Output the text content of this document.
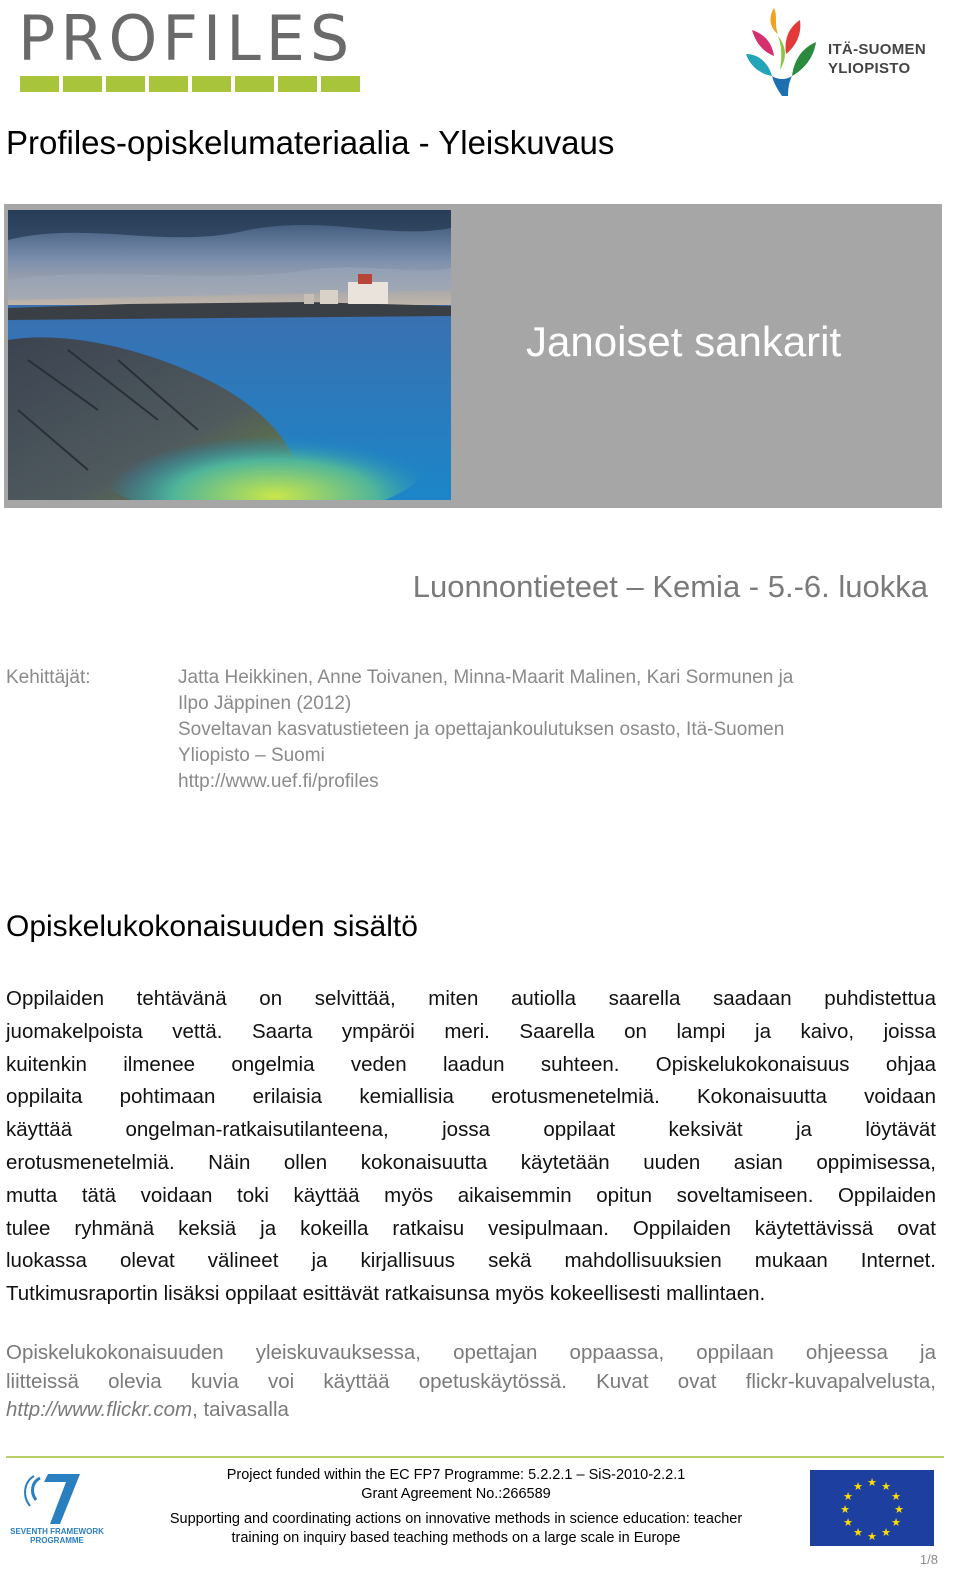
PROFILES	ITÄ-SUOMEN
YLIOPISTO
Profiles-opiskelumateriaalia - Yleiskuvaus
Janoiset sankarit
Luonnontieteet – Kemia - 5.-6. luokka
Kehittäjät:	Jatta Heikkinen, Anne Toivanen, Minna-Maarit Malinen, Kari Sormunen ja
Ilpo Jäppinen (2012)
Soveltavan kasvatustieteen ja opettajankoulutuksen osasto, Itä-Suomen
Yliopisto – Suomi
http://www.uef.fi/profiles
Opiskelukokonaisuuden sisältö
Oppilaiden tehtävänä on selvittää, miten autiolla saarella saadaan puhdistettua
juomakelpoista vettä. Saarta ympäröi meri. Saarella on lampi ja kaivo, joissa
kuitenkin ilmenee ongelmia veden laadun suhteen. Opiskelukokonaisuus ohjaa
oppilaita pohtimaan erilaisia kemiallisia erotusmenetelmiä. Kokonaisuutta voidaan
käyttää ongelman-ratkaisutilanteena, jossa oppilaat keksivät ja löytävät
erotusmenetelmiä. Näin ollen kokonaisuutta käytetään uuden asian oppimisessa,
mutta tätä voidaan toki käyttää myös aikaisemmin opitun soveltamiseen. Oppilaiden
tulee ryhmänä keksiä ja kokeilla ratkaisu vesipulmaan. Oppilaiden käytettävissä ovat
luokassa olevat välineet ja kirjallisuus sekä mahdollisuuksien mukaan Internet.
Tutkimusraportin lisäksi oppilaat esittävät ratkaisunsa myös kokeellisesti mallintaen.
Opiskelukokonaisuuden yleiskuvauksessa, opettajan oppaassa, oppilaan ohjeessa ja
liitteissä olevia kuvia voi käyttää opetuskäytössä. Kuvat ovat flickr-kuvapalvelusta,
http://www.flickr.com, taivasalla
SEVENTH FRAMEWORK
PROGRAMME
Project funded within the EC FP7 Programme: 5.2.2.1 – SiS-2010-2.2.1
Grant Agreement No.:266589
Supporting and coordinating actions on innovative methods in science education: teacher
training on inquiry based teaching methods on a large scale in Europe
★ ★
★
★
★
★
★
★
★
★
★
★
1/8
